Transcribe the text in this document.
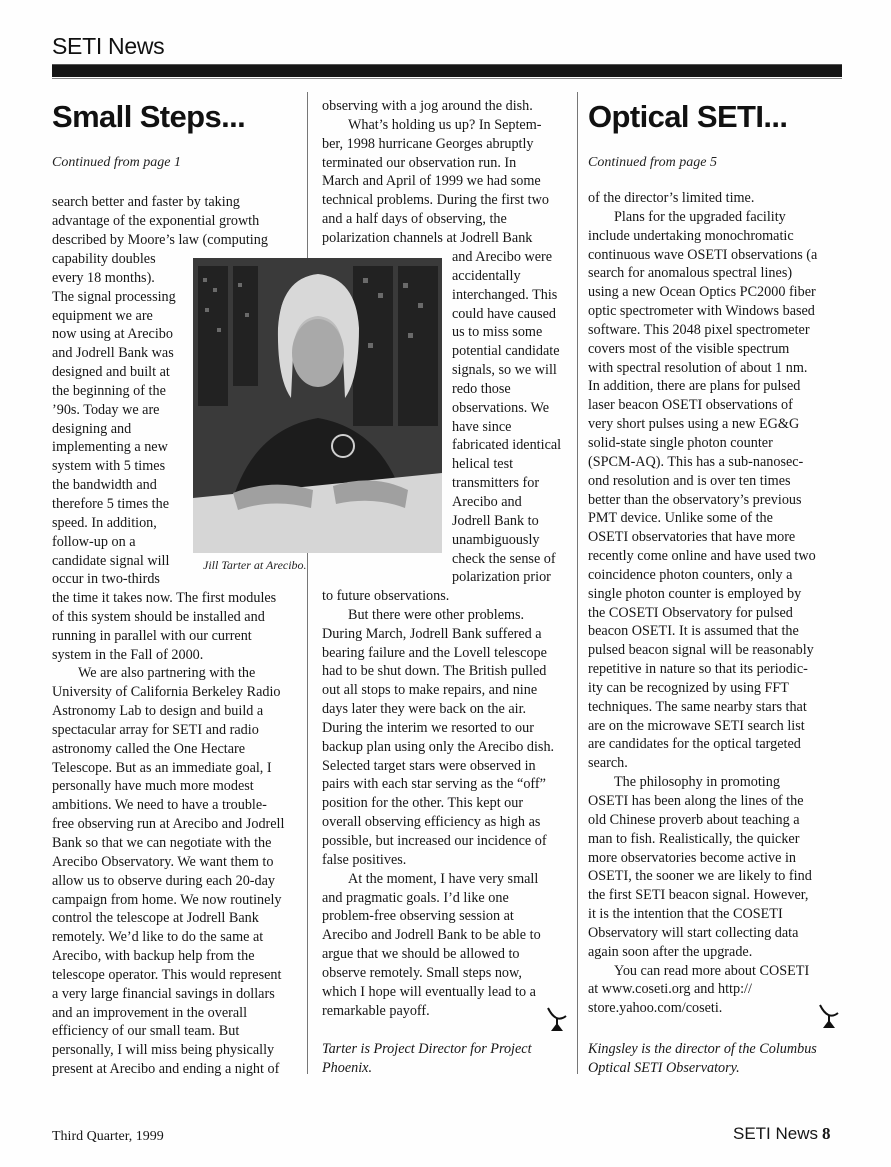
SETI News
Small Steps...
Continued from page 1
search better and faster by taking
advantage of the exponential growth
described by Moore’s law (computing
capability doubles
every 18 months).
The signal processing
equipment we are
now using at Arecibo
and Jodrell Bank was
designed and built at
the beginning of the
’90s. Today we are
designing and
implementing a new
system with 5 times
the bandwidth and
therefore 5 times the
speed. In addition,
follow-up on a
candidate signal will
occur in two-thirds
the time it takes now. The first modules
of this system should be installed and
running in parallel with our current
system in the Fall of 2000.
We are also partnering with the
University of California Berkeley Radio
Astronomy Lab to design and build a
spectacular array for SETI and radio
astronomy called the One Hectare
Telescope. But as an immediate goal, I
personally have much more modest
ambitions. We need to have a trouble-
free observing run at Arecibo and Jodrell
Bank so that we can negotiate with the
Arecibo Observatory. We want them to
allow us to observe during each 20-day
campaign from home. We now routinely
control the telescope at Jodrell Bank
remotely. We’d like to do the same at
Arecibo, with backup help from the
telescope operator. This would represent
a very large financial savings in dollars
and an improvement in the overall
efficiency of our small team. But
personally, I will miss being physically
present at Arecibo and ending a night of
observing with a jog around the dish.
What’s holding us up? In Septem-
ber, 1998 hurricane Georges abruptly
terminated our observation run. In
March and April of 1999 we had some
technical problems. During the first two
and a half days of observing, the
polarization channels at Jodrell Bank
and Arecibo were
accidentally
interchanged. This
could have caused
us to miss some
potential candidate
signals, so we will
redo those
observations. We
have since
fabricated identical
helical test
transmitters for
Arecibo and
Jodrell Bank to
unambiguously
check the sense of
polarization prior
to future observations.
But there were other problems.
During March, Jodrell Bank suffered a
bearing failure and the Lovell telescope
had to be shut down. The British pulled
out all stops to make repairs, and nine
days later they were back on the air.
During the interim we resorted to our
backup plan using only the Arecibo dish.
Selected target stars were observed in
pairs with each star serving as the “off”
position for the other. This kept our
overall observing efficiency as high as
possible, but increased our incidence of
false positives.
At the moment, I have very small
and pragmatic goals. I’d like one
problem-free observing session at
Arecibo and Jodrell Bank to be able to
argue that we should be allowed to
observe remotely. Small steps now,
which I hope will eventually lead to a
remarkable payoff.
Tarter is Project Director for Project
Phoenix.
Jill Tarter at Arecibo.
Optical SETI...
Continued from page 5
of the director’s limited time.
Plans for the upgraded facility
include undertaking monochromatic
continuous wave OSETI observations (a
search for anomalous spectral lines)
using a new Ocean Optics PC2000 fiber
optic spectrometer with Windows based
software. This 2048 pixel spectrometer
covers most of the visible spectrum
with spectral resolution of about 1 nm.
In addition, there are plans for pulsed
laser beacon OSETI observations of
very short pulses using a new EG&G
solid-state single photon counter
(SPCM-AQ). This has a sub-nanosec-
ond resolution and is over ten times
better than the observatory’s previous
PMT device. Unlike some of the
OSETI observatories that have more
recently come online and have used two
coincidence photon counters, only a
single photon counter is employed by
the COSETI Observatory for pulsed
beacon OSETI. It is assumed that the
pulsed beacon signal will be reasonably
repetitive in nature so that its periodic-
ity can be recognized by using FFT
techniques. The same nearby stars that
are on the microwave SETI search list
are candidates for the optical targeted
search.
The philosophy in promoting
OSETI has been along the lines of the
old Chinese proverb about teaching a
man to fish. Realistically, the quicker
more observatories become active in
OSETI, the sooner we are likely to find
the first SETI beacon signal. However,
it is the intention that the COSETI
Observatory will start collecting data
again soon after the upgrade.
You can read more about COSETI
at www.coseti.org and http://
store.yahoo.com/coseti.
Kingsley is the director of the Columbus
Optical SETI Observatory.
Third Quarter, 1999	SETI News 8
